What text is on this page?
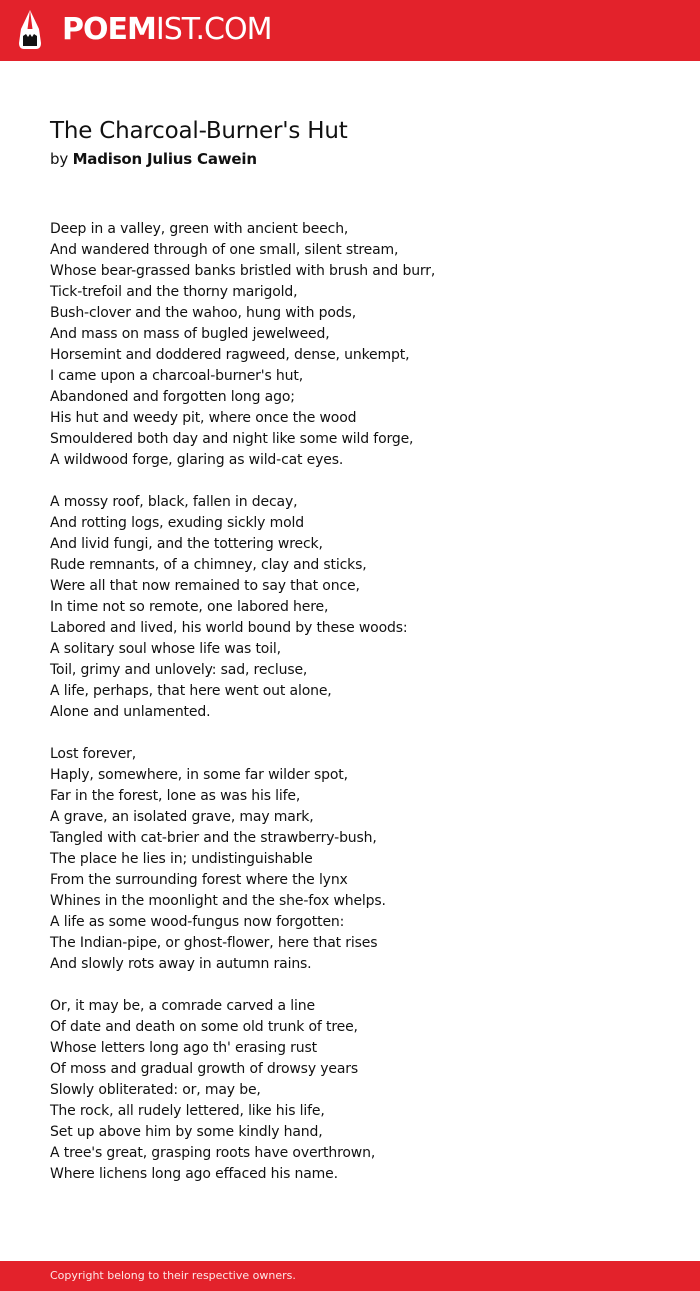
POEMIST.COM
The Charcoal-Burner's Hut
by Madison Julius Cawein
Deep in a valley, green with ancient beech,
And wandered through of one small, silent stream,
Whose bear-grassed banks bristled with brush and burr,
Tick-trefoil and the thorny marigold,
Bush-clover and the wahoo, hung with pods,
And mass on mass of bugled jewelweed,
Horsemint and doddered ragweed, dense, unkempt,
I came upon a charcoal-burner's hut,
Abandoned and forgotten long ago;
His hut and weedy pit, where once the wood
Smouldered both day and night like some wild forge,
A wildwood forge, glaring as wild-cat eyes.
A mossy roof, black, fallen in decay,
And rotting logs, exuding sickly mold
And livid fungi, and the tottering wreck,
Rude remnants, of a chimney, clay and sticks,
Were all that now remained to say that once,
In time not so remote, one labored here,
Labored and lived, his world bound by these woods:
A solitary soul whose life was toil,
Toil, grimy and unlovely: sad, recluse,
A life, perhaps, that here went out alone,
Alone and unlamented.
Lost forever,
Haply, somewhere, in some far wilder spot,
Far in the forest, lone as was his life,
A grave, an isolated grave, may mark,
Tangled with cat-brier and the strawberry-bush,
The place he lies in; undistinguishable
From the surrounding forest where the lynx
Whines in the moonlight and the she-fox whelps.
A life as some wood-fungus now forgotten:
The Indian-pipe, or ghost-flower, here that rises
And slowly rots away in autumn rains.
Or, it may be, a comrade carved a line
Of date and death on some old trunk of tree,
Whose letters long ago th' erasing rust
Of moss and gradual growth of drowsy years
Slowly obliterated: or, may be,
The rock, all rudely lettered, like his life,
Set up above him by some kindly hand,
A tree's great, grasping roots have overthrown,
Where lichens long ago effaced his name.
Copyright belong to their respective owners.
